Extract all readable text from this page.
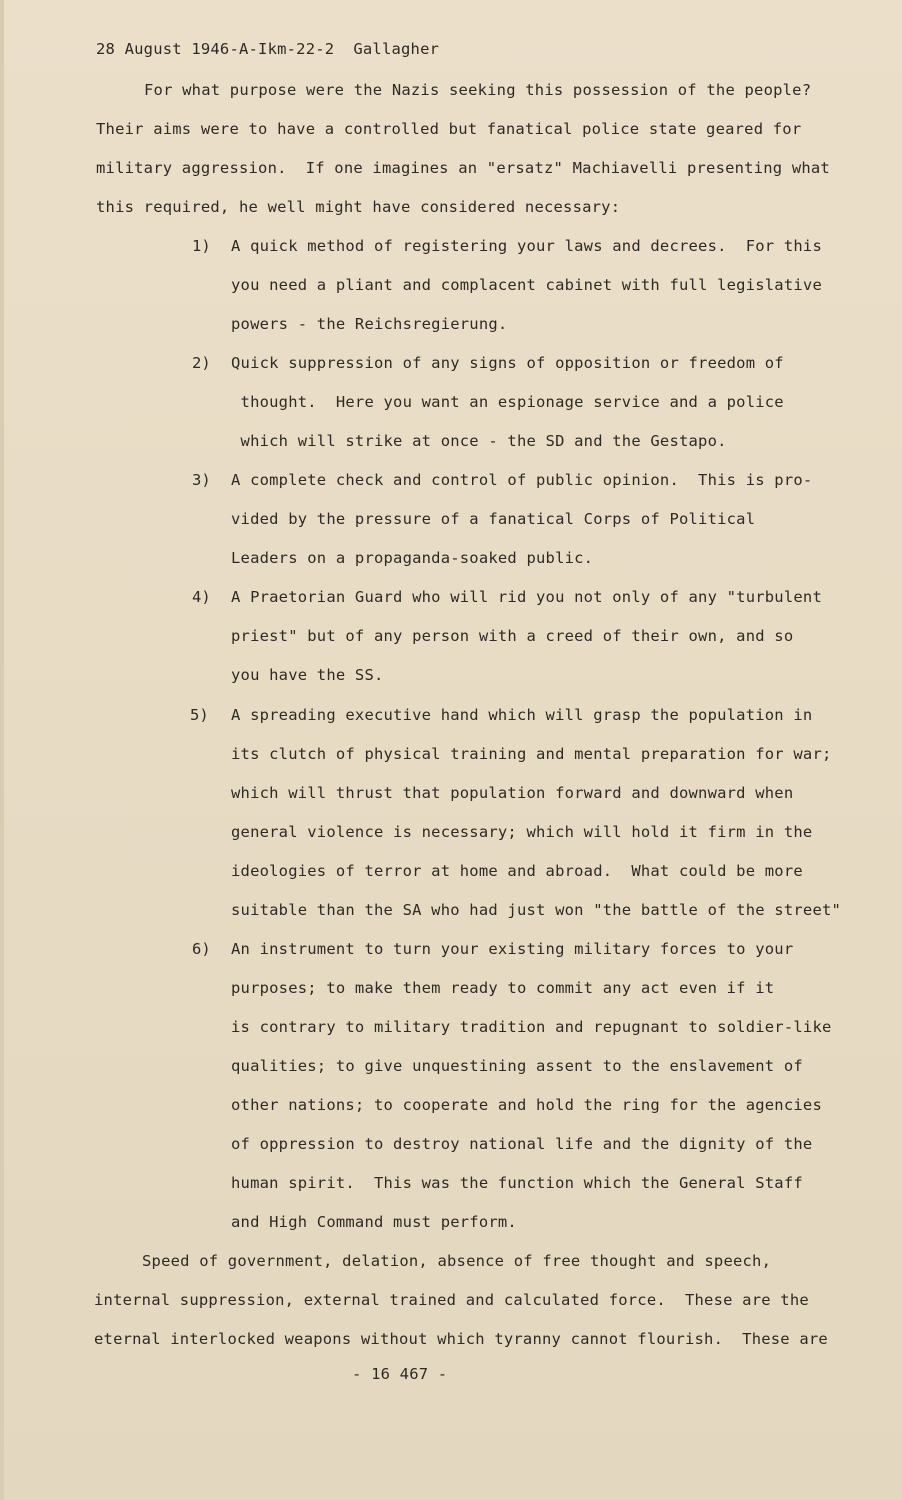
28 August 1946-A-Ikm-22-2  Gallagher
For what purpose were the Nazis seeking this possession of the people?
Their aims were to have a controlled but fanatical police state geared for
military aggression.  If one imagines an "ersatz" Machiavelli presenting what
this required, he well might have considered necessary:
1) A quick method of registering your laws and decrees.  For this
you need a pliant and complacent cabinet with full legislative
powers - the Reichsregierung.
2) Quick suppression of any signs of opposition or freedom of
thought.  Here you want an espionage service and a police
which will strike at once - the SD and the Gestapo.
3) A complete check and control of public opinion.  This is pro-
vided by the pressure of a fanatical Corps of Political
Leaders on a propaganda-soaked public.
4) A Praetorian Guard who will rid you not only of any "turbulent
priest" but of any person with a creed of their own, and so
you have the SS.
5) A spreading executive hand which will grasp the population in
its clutch of physical training and mental preparation for war;
which will thrust that population forward and downward when
general violence is necessary; which will hold it firm in the
ideologies of terror at home and abroad.  What could be more
suitable than the SA who had just won "the battle of the street"
6) An instrument to turn your existing military forces to your
purposes; to make them ready to commit any act even if it
is contrary to military tradition and repugnant to soldier-like
qualities; to give unquestining assent to the enslavement of
other nations; to cooperate and hold the ring for the agencies
of oppression to destroy national life and the dignity of the
human spirit.  This was the function which the General Staff
and High Command must perform.
Speed of government, delation, absence of free thought and speech,
internal suppression, external trained and calculated force.  These are the
eternal interlocked weapons without which tyranny cannot flourish.  These are
- 16 467 -
